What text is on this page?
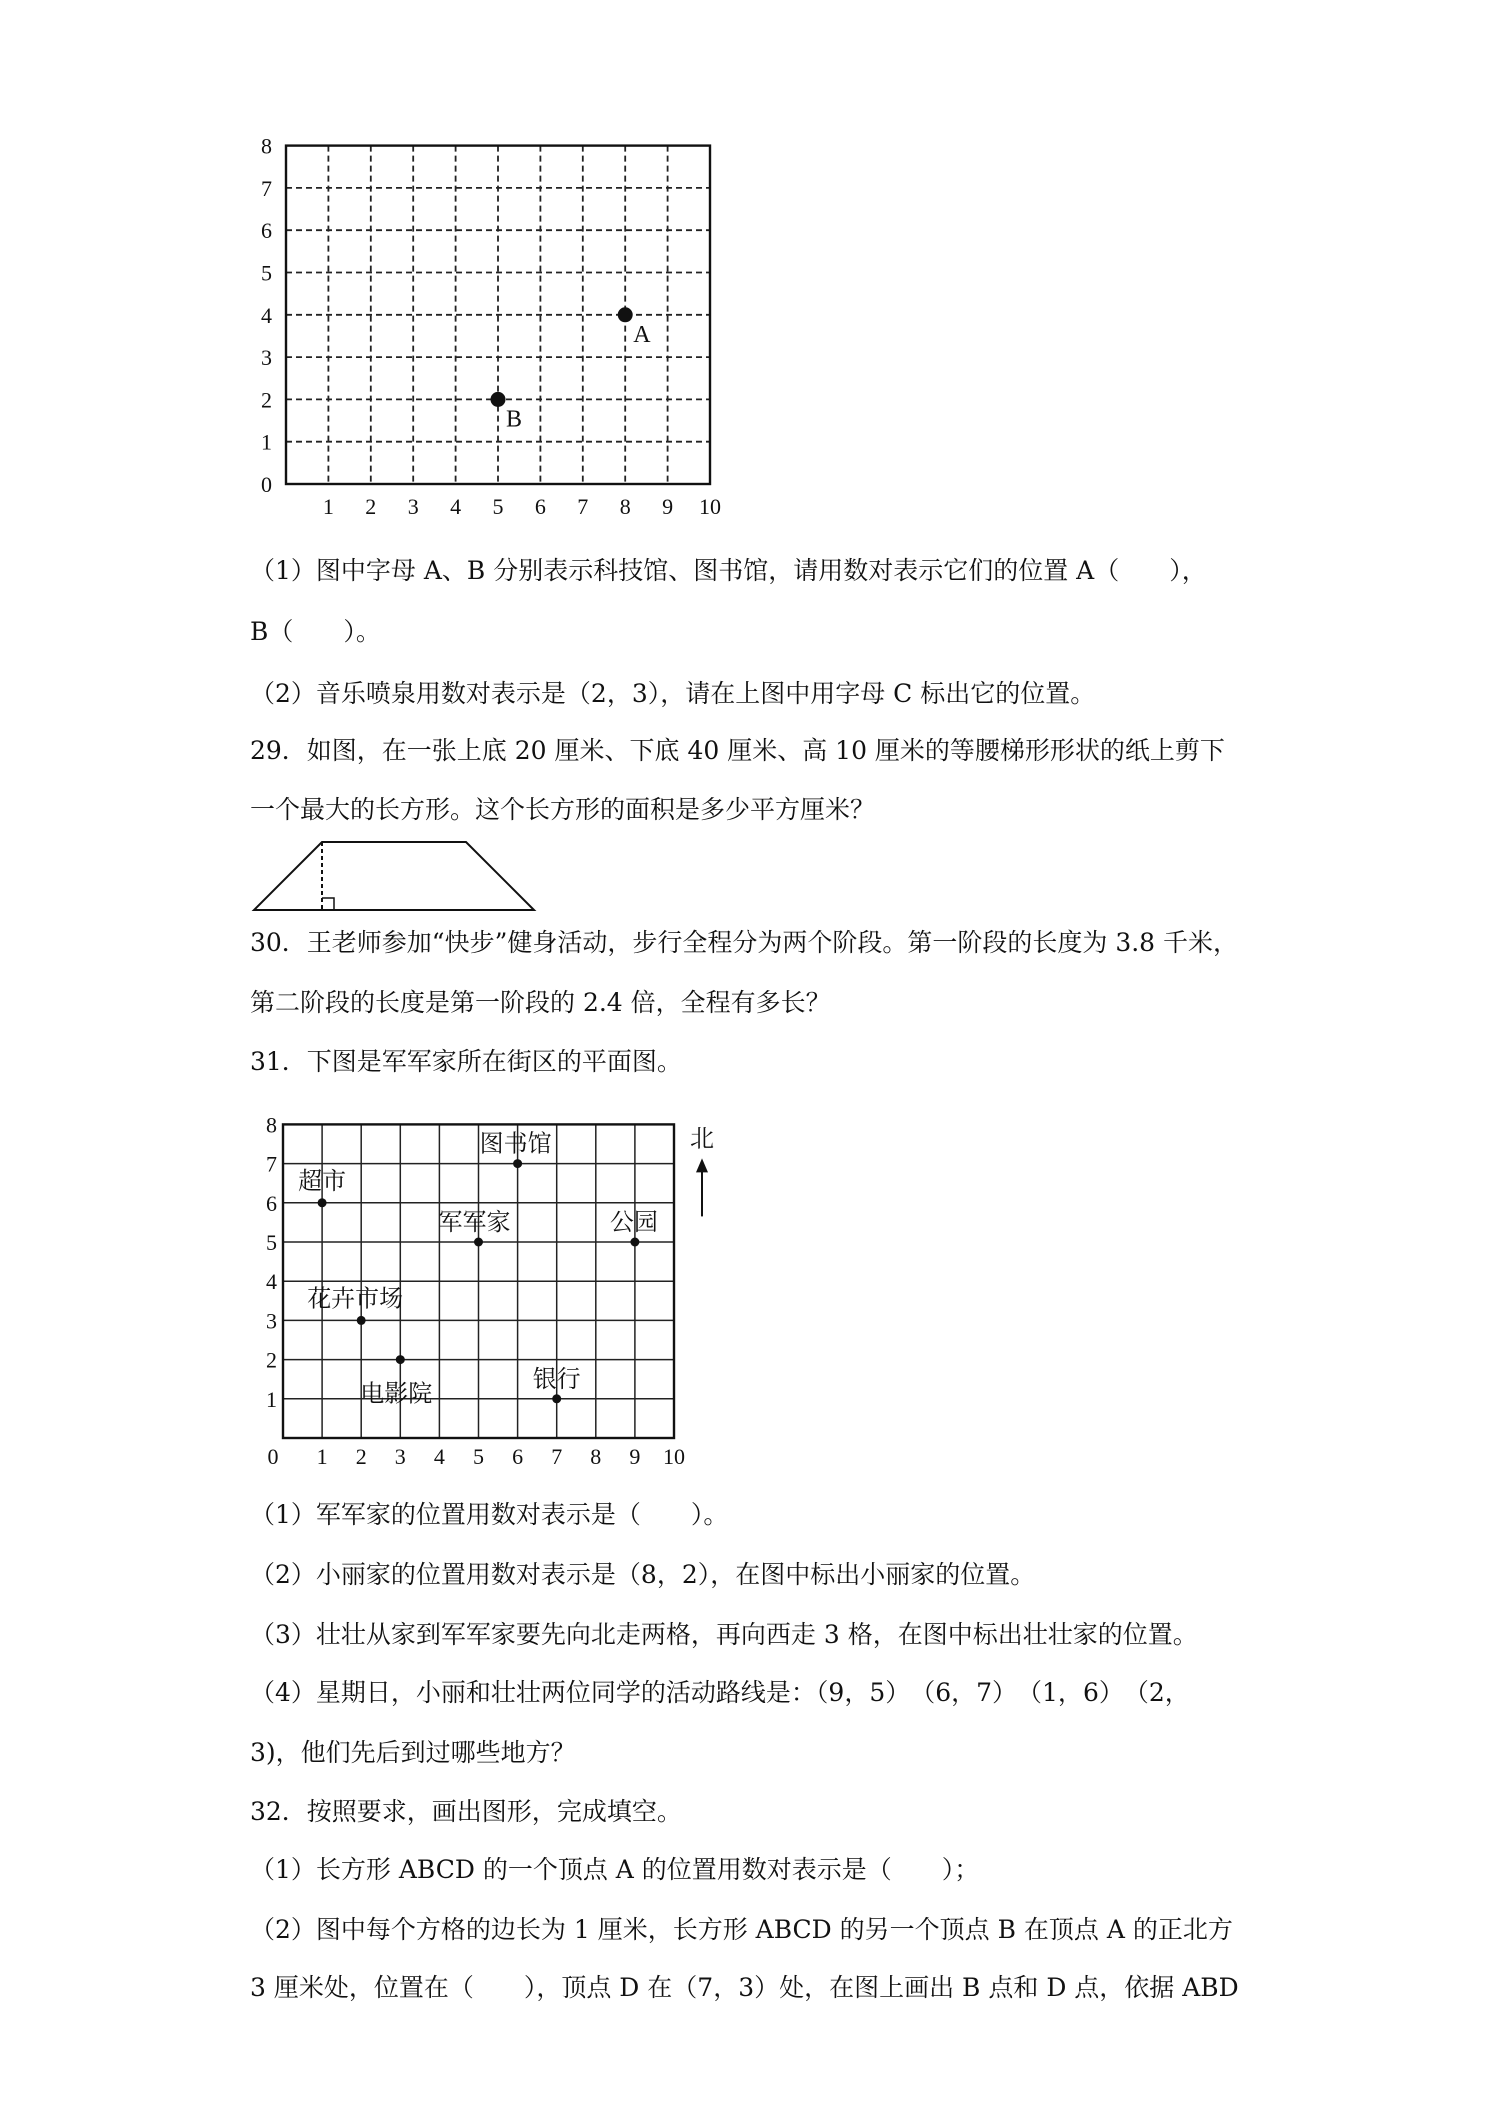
1 2 3 4 5 6 7 8 9 10
0
1
2
3
4
5
6
7
8
A
B

（1）图中字母 A、B 分别表示科技馆、图书馆，请用数对表示它们的位置 A（　　），

B（　　）。

（2）音乐喷泉用数对表示是（2，3），请在上图中用字母 C 标出它的位置。

29．如图，在一张上底 20 厘米、下底 40 厘米、高 10 厘米的等腰梯形形状的纸上剪下

一个最大的长方形。这个长方形的面积是多少平方厘米？

30．王老师参加“快步”健身活动，步行全程分为两个阶段。第一阶段的长度为 3.8 千米，

第二阶段的长度是第一阶段的 2.4 倍，全程有多长？

31．下图是军军家所在街区的平面图。

0 1 2 3 4 5 6 7 8 9 10
1
2
3
4
5
6
7
8
图书馆
超市
军军家	公园
花卉市场
电影院
银行
北

（1）军军家的位置用数对表示是（　　）。

（2）小丽家的位置用数对表示是（8，2），在图中标出小丽家的位置。

（3）壮壮从家到军军家要先向北走两格，再向西走 3 格，在图中标出壮壮家的位置。

（4）星期日，小丽和壮壮两位同学的活动路线是：（9，5）　（6，7）　（1，6）　（2，

3)，他们先后到过哪些地方？

32．按照要求，画出图形，完成填空。

（1）长方形 ABCD 的一个顶点 A 的位置用数对表示是（　　）；

（2）图中每个方格的边长为 1 厘米，长方形 ABCD 的另一个顶点 B 在顶点 A 的正北方

3 厘米处，位置在（　　），顶点 D 在（7，3）处，在图上画出 B 点和 D 点，依据 ABD
